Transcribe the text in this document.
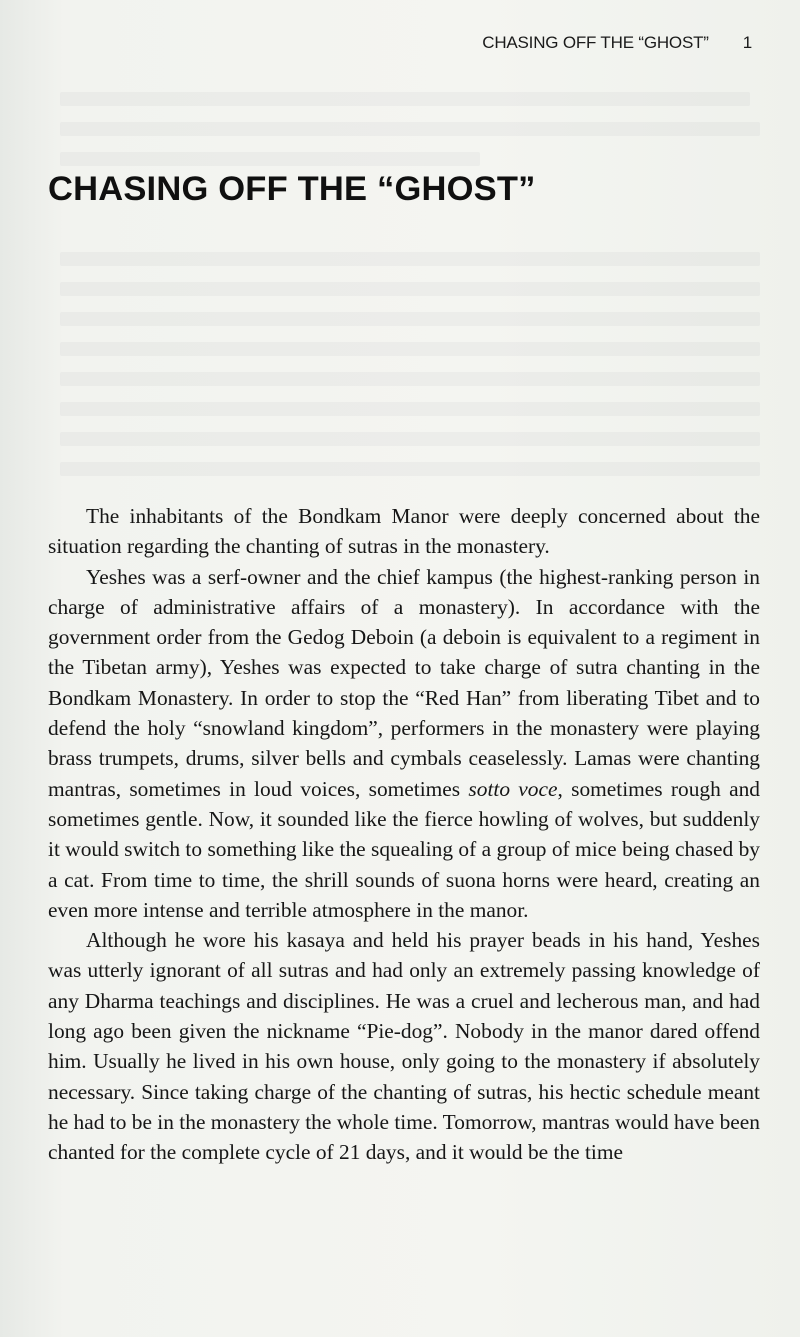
CHASING OFF THE “GHOST” 1
CHASING OFF THE “GHOST”

The inhabitants of the Bondkam Manor were deeply concerned about the situation regarding the chanting of sutras in the monastery.

Yeshes was a serf-owner and the chief kampus (the highest-ranking person in charge of administrative affairs of a monastery). In accordance with the government order from the Gedog Deboin (a deboin is equivalent to a regiment in the Tibetan army), Yeshes was expected to take charge of sutra chanting in the Bondkam Monastery. In order to stop the “Red Han” from liberating Tibet and to defend the holy “snowland kingdom”, performers in the monastery were playing brass trumpets, drums, silver bells and cymbals ceaselessly. Lamas were chanting mantras, sometimes in loud voices, sometimes sotto voce, sometimes rough and sometimes gentle. Now, it sounded like the fierce howling of wolves, but suddenly it would switch to something like the squealing of a group of mice being chased by a cat. From time to time, the shrill sounds of suona horns were heard, creating an even more intense and terrible atmosphere in the manor.

Although he wore his kasaya and held his prayer beads in his hand, Yeshes was utterly ignorant of all sutras and had only an extremely passing knowledge of any Dharma teachings and disciplines. He was a cruel and lecherous man, and had long ago been given the nickname “Pie-dog”. Nobody in the manor dared offend him. Usually he lived in his own house, only going to the monastery if absolutely necessary. Since taking charge of the chanting of sutras, his hectic schedule meant he had to be in the monastery the whole time. Tomorrow, mantras would have been chanted for the complete cycle of 21 days, and it would be the time
